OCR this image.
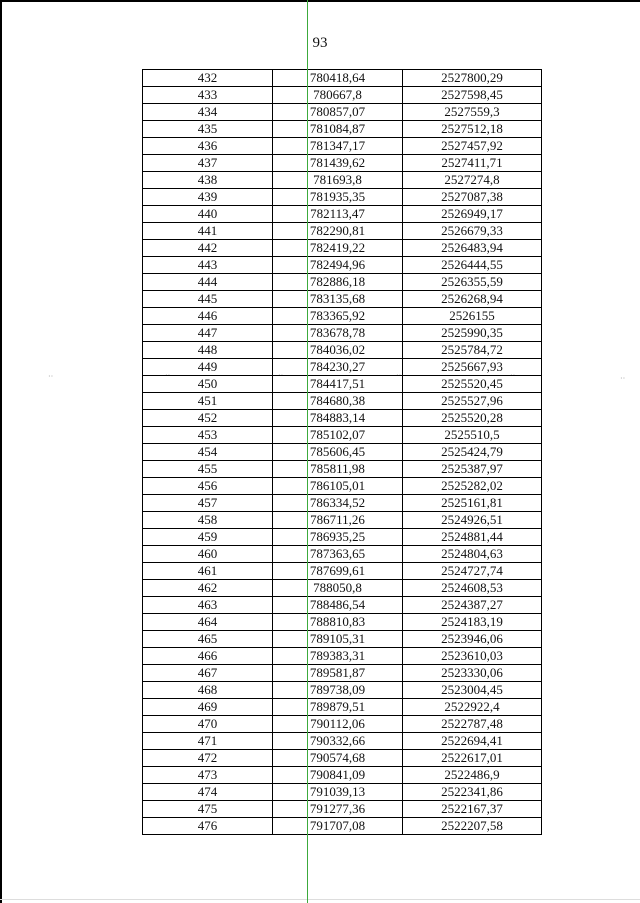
93
··	··
··	··	··	··
432	780418,64	2527800,29
433	780667,8	2527598,45
434	780857,07	2527559,3
435	781084,87	2527512,18
436	781347,17	2527457,92
437	781439,62	2527411,71
438	781693,8	2527274,8
439	781935,35	2527087,38
440	782113,47	2526949,17
441	782290,81	2526679,33
442	782419,22	2526483,94
443	782494,96	2526444,55
444	782886,18	2526355,59
445	783135,68	2526268,94
446	783365,92	2526155
447	783678,78	2525990,35
448	784036,02	2525784,72
449	784230,27	2525667,93
450	784417,51	2525520,45
451	784680,38	2525527,96
452	784883,14	2525520,28
453	785102,07	2525510,5
454	785606,45	2525424,79
455	785811,98	2525387,97
456	786105,01	2525282,02
457	786334,52	2525161,81
458	786711,26	2524926,51
459	786935,25	2524881,44
460	787363,65	2524804,63
461	787699,61	2524727,74
462	788050,8	2524608,53
463	788486,54	2524387,27
464	788810,83	2524183,19
465	789105,31	2523946,06
466	789383,31	2523610,03
467	789581,87	2523330,06
468	789738,09	2523004,45
469	789879,51	2522922,4
470	790112,06	2522787,48
471	790332,66	2522694,41
472	790574,68	2522617,01
473	790841,09	2522486,9
474	791039,13	2522341,86
475	791277,36	2522167,37
476	791707,08	2522207,58
